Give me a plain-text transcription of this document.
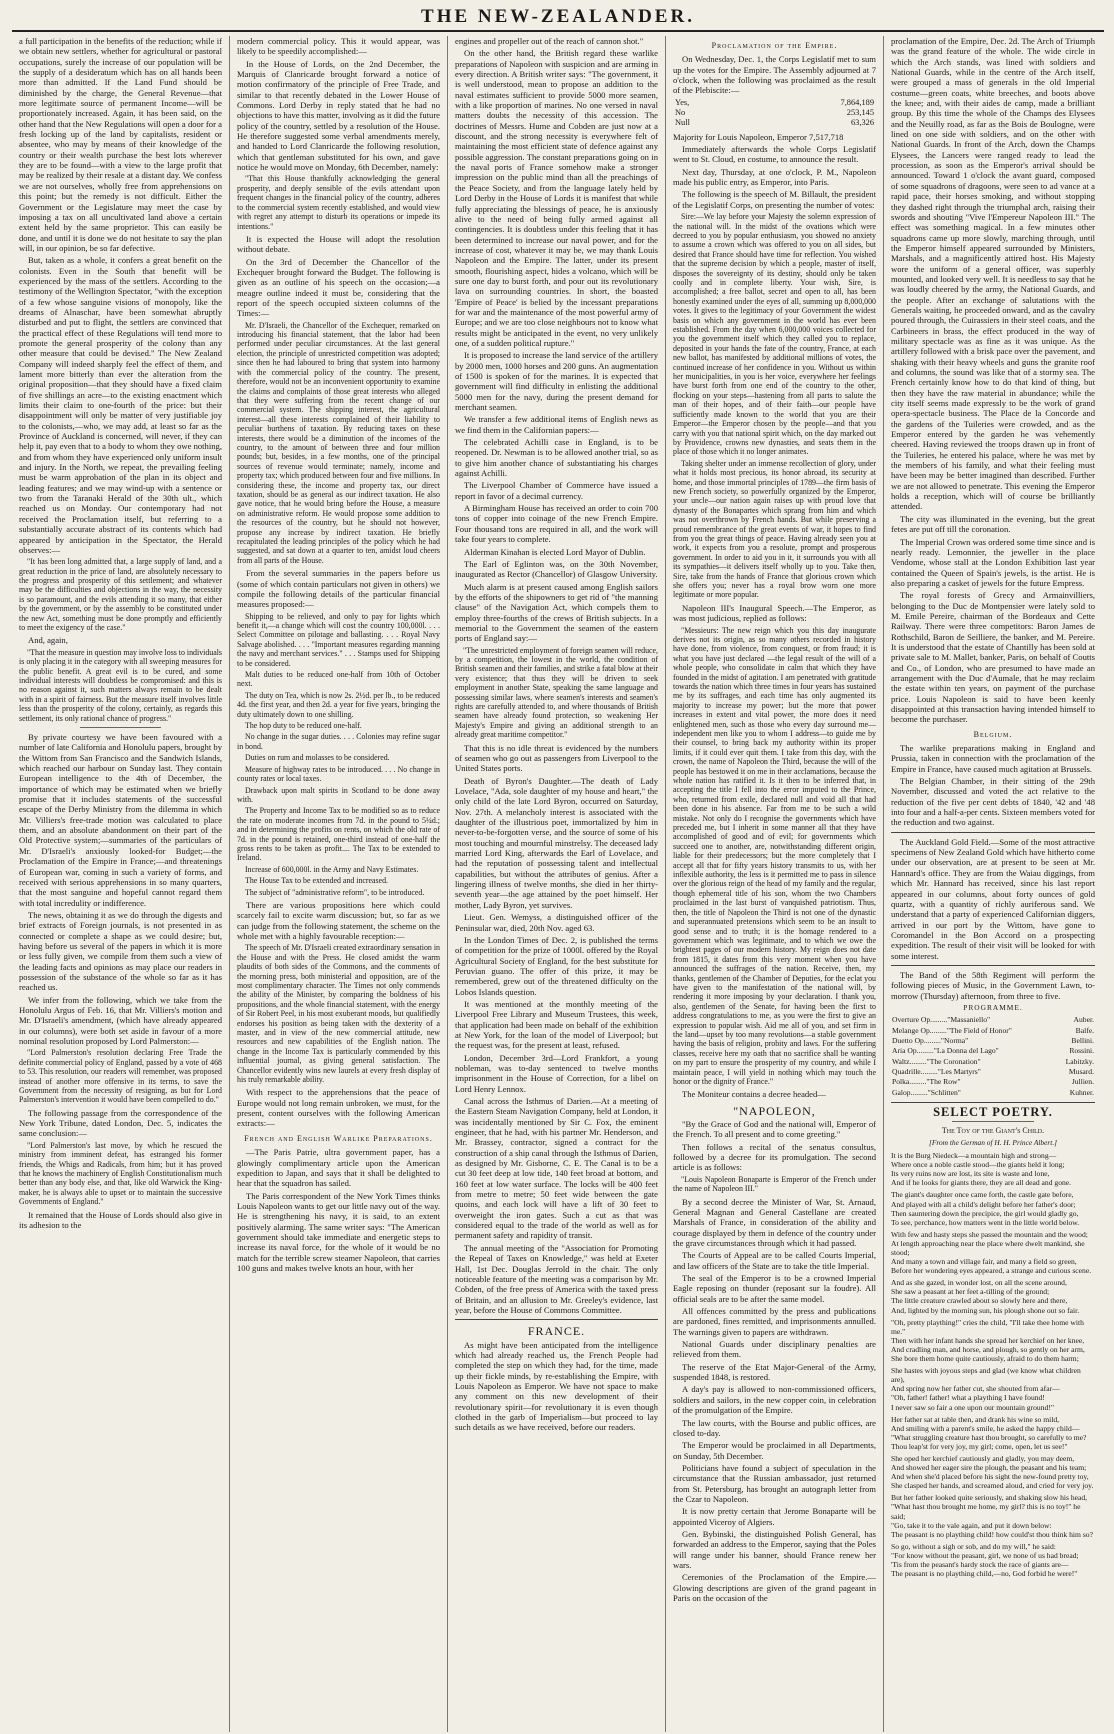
THE NEW-ZEALANDER.

a full participation in the benefits of the reduction; while if we obtain new settlers, whether for agricultural or pastoral occupations, surely the increase of our population will be the supply of a desideratum which has on all hands been more than admitted. If the Land Fund should be diminished by the charge, the General Revenue—that more legitimate source of permanent Income—will be proportionately increased. Again, it has been said, on the other hand that the New Regulations will open a door for a fresh locking up of the land by capitalists, resident or absentee, who may by means of their knowledge of the country or their wealth purchase the best lots wherever they are to be found—with a view to the large profit that may be realized by their resale at a distant day. We confess we are not ourselves, wholly free from apprehensions on this point; but the remedy is not difficult. Either the Government or the Legislature may meet the case by imposing a tax on all uncultivated land above a certain extent held by the same proprietor. This can easily be done, and until it is done we do not hesitate to say the plan will, in our opinion, be so far defective.

But, taken as a whole, it confers a great benefit on the colonists. Even in the South that benefit will be experienced by the mass of the settlers. According to the testimony of the Wellington Spectator, "with the exception of a few whose sanguine visions of monopoly, like the dreams of Alnaschar, have been somewhat abruptly disturbed and put to flight, the settlers are convinced that the practical effect of these Regulations will tend more to promote the general prosperity of the colony than any other measure that could be devised." The New Zealand Company will indeed sharply feel the effect of them, and lament more bitterly than ever the alteration from the original proposition—that they should have a fixed claim of five shillings an acre—to the existing enactment which limits their claim to one-fourth of the price: but their disappointment will only be matter of very justifiable joy to the colonists,—who, we may add, at least so far as the Province of Auckland is concerned, will never, if they can help it, pay even that to a body to whom they owe nothing, and from whom they have experienced only uniform insult and injury. In the North, we repeat, the prevailing feeling must be warm approbation of the plan in its object and leading features; and we may wind-up with a sentence or two from the Taranaki Herald of the 30th ult., which reached us on Monday. Our contemporary had not received the Proclamation itself, but referring to a substantially accurate abstract of its contents which had appeared by anticipation in the Spectator, the Herald observes:—

"It has been long admitted that, a large supply of land, and a great reduction in the price of land, are absolutely necessary to the progress and prosperity of this settlement; and whatever may be the difficulties and objections in the way, the necessity is so paramount, and the evils attending it so many, that either by the government, or by the assembly to be constituted under the new Act, something must be done promptly and efficiently to meet the exigency of the case."

And, again,

"That the measure in question may involve loss to individuals is only placing it in the category with all sweeping measures for the public benefit. A great evil is to be cured, and some individual interests will doubtless be compromised: and this is no reason against it, such matters always remain to be dealt with in a spirit of fairness. But the measure itself involves little less than the prosperity of the colony, certainly, as regards this settlement, its only rational chance of progress."

By private courtesy we have been favoured with a number of late California and Honolulu papers, brought by the Wittom from San Francisco and the Sandwich Islands, which reached our harbour on Sunday last. They contain European intelligence to the 4th of December, the importance of which may be estimated when we briefly promise that it includes statements of the successful escape of the Derby Ministry from the dilemma in which Mr. Villiers's free-trade motion was calculated to place them, and an absolute abandonment on their part of the Old Protective system;—summaries of the particulars of Mr. D'Israeli's anxiously looked-for Budget;—the Proclamation of the Empire in France;—and threatenings of European war, coming in such a variety of forms, and received with serious apprehensions in so many quarters, that the most sanguine and hopeful cannot regard them with total incredulity or indifference.

The news, obtaining it as we do through the digests and brief extracts of Foreign journals, is not presented in as connected or complete a shape as we could desire; but, having before us several of the papers in which it is more or less fully given, we compile from them such a view of the leading facts and opinions as may place our readers in possession of the substance of the whole so far as it has reached us.

We infer from the following, which we take from the Honolulu Argus of Feb. 16, that Mr. Villiers's motion and Mr. D'Israeli's amendment, (which have already appeared in our columns), were both set aside in favour of a more nominal resolution proposed by Lord Palmerston:—

"Lord Palmerston's resolution declaring Free Trade the definite commercial policy of England, passed by a vote of 468 to 53. This resolution, our readers will remember, was proposed instead of another more offensive in its terms, to save the Government from the necessity of resigning, as but for Lord Palmerston's intervention it would have been compelled to do."

The following passage from the correspondence of the New York Tribune, dated London, Dec. 5, indicates the same conclusion:—

"Lord Palmerston's last move, by which he rescued the ministry from imminent defeat, has estranged his former friends, the Whigs and Radicals, from him; but it has proved that he knows the machinery of English Constitutionalism much better than any body else, and that, like old Warwick the King-maker, he is always able to upset or to maintain the successive Governments of England."

It remained that the House of Lords should also give in its adhesion to the

modern commercial policy. This it would appear, was likely to be speedily accomplished:—

In the House of Lords, on the 2nd December, the Marquis of Clanricarde brought forward a notice of motion confirmatory of the principle of Free Trade, and similar to that recently debated in the Lower House of Commons. Lord Derby in reply stated that he had no objections to have this matter, involving as it did the future policy of the country, settled by a resolution of the House. He therefore suggested some verbal amendments merely, and handed to Lord Clanricarde the following resolution, which that gentleman substituted for his own, and gave notice he would move on Monday, 6th December, namely:

"That this House thankfully acknowledging the general prosperity, and deeply sensible of the evils attendant upon frequent changes in the financial policy of the country, adheres to the commercial system recently established, and would view with regret any attempt to disturb its operations or impede its intentions."

It is expected the House will adopt the resolution without debate.

On the 3rd of December the Chancellor of the Exchequer brought forward the Budget. The following is given as an outline of his speech on the occasion;—a meagre outline indeed it must be, considering that the report of the speech occupied sixteen columns of the Times:—

Mr. D'Israeli, the Chancellor of the Exchequer, remarked on introducing his financial statement, that the labor had been performed under peculiar circumstances. At the last general election, the principle of unrestricted competition was adopted; since then he had laboured to bring that system into harmony with the commercial policy of the country. The present, therefore, would not be an inconvenient opportunity to examine the claims and complaints of those great interests who alleged that they were suffering from the recent change of our commercial system. The shipping interest, the agricultural interest—all these interests complained of their liability to peculiar burthens of taxation. By reducing taxes on these interests, there would be a diminution of the incomes of the country, to the amount of between three and four million pounds; but, besides, in a few months, one of the principal sources of revenue would terminate; namely, income and property tax; which produced between four and five millions. In considering these, the income and property tax, our direct taxation, should be as general as our indirect taxation. He also gave notice, that he would bring before the House, a measure on administrative reform. He would propose some addition to the resources of the country, but he should not however, propose any increase by indirect taxation. He briefly recapitulated the leading principles of the policy which he had suggested, and sat down at a quarter to ten, amidst loud cheers from all parts of the House.

From the several summaries in the papers before us (some of which contain particulars not given in others) we compile the following details of the particular financial measures proposed:—

Shipping to be relieved, and only to pay for lights which benefit it,—a change which will cost the country 100,000l. . . . Select Committee on pilotage and ballasting. . . . Royal Navy Salvage abolished. . . . "Important measures regarding manning the navy and merchant services." . . . Stamps used for Shipping to be considered.

Malt duties to be reduced one-half from 10th of October next.

The duty on Tea, which is now 2s. 2½d. per lb., to be reduced 4d. the first year, and then 2d. a year for five years, bringing the duty ultimately down to one shilling.

The hop duty to be reduced one-half.

No change in the sugar duties. . . . Colonies may refine sugar in bond.

Duties on rum and molasses to be considered.

Measure of highway rates to be introduced. . . . No change in county rates or local taxes.

Drawback upon malt spirits in Scotland to be done away with.

The Property and Income Tax to be modified so as to reduce the rate on moderate incomes from 7d. in the pound to 5¼d.; and in determining the profits on rents, on which the old rate of 7d. in the pound is retained, one-third instead of one-half the gross rents to be taken as profit.... The Tax to be extended to Ireland.

Increase of 600,000l. in the Army and Navy Estimates.

The House Tax to be extended and increased.

The subject of "administrative reform", to be introduced.

There are various propositions here which could scarcely fail to excite warm discussion; but, so far as we can judge from the following statement, the scheme on the whole met with a highly favourable reception:—

The speech of Mr. D'Israeli created extraordinary sensation in the House and with the Press. He closed amidst the warm plaudits of both sides of the Commons, and the comments of the morning press, both ministerial and opposition, are of the most complimentary character. The Times not only commends the ability of the Minister, by comparing the boldness of his propositions, and the whole financial statement, with the energy of Sir Robert Peel, in his most exuberant moods, but qualifiedly endorses his position as being taken with the dexterity of a master, and in view of the new commercial attitude, new resources and new capabilities of the English nation. The change in the Income Tax is particularly commended by this influential journal, as giving general satisfaction. The Chancellor evidently wins new laurels at every fresh display of his truly remarkable ability.

With respect to the apprehensions that the peace of Europe would not long remain unbroken, we must, for the present, content ourselves with the following American extracts:—

French and English Warlike Preparations.

—The Paris Patrie, ultra government paper, has a glowingly complimentary article upon the American expedition to Japan, and says that it shall be delighted to hear that the squadron has sailed.

The Paris correspondent of the New York Times thinks Louis Napoleon wants to get our little navy out of the way. He is strengthening his navy, it is said, to an extent positively alarming. The same writer says: "The American government should take immediate and energetic steps to increase its naval force, for the whole of it would be no match for the terrible screw steamer Napoleon, that carries 100 guns and makes twelve knots an hour, with her

engines and propeller out of the reach of cannon shot."

On the other hand, the British regard these warlike preparations of Napoleon with suspicion and are arming in every direction. A British writer says: "The government, it is well understood, mean to propose an addition to the naval estimates sufficient to provide 5000 more seamen, with a like proportion of marines. No one versed in naval matters doubts the necessity of this accession. The doctrines of Messrs. Hume and Cobden are just now at a discount, and the strong necessity is everywhere felt of maintaining the most efficient state of defence against any possible aggression. The constant preparations going on in the naval ports of France somehow make a stronger impression on the public mind than all the preachings of the Peace Society, and from the language lately held by Lord Derby in the House of Lords it is manifest that while fully appreciating the blessings of peace, he is anxiously alive to the need of being fully armed against all contingencies. It is doubtless under this feeling that it has been determined to increase our naval power, and for the increase of cost, whatever it may be, we may thank Louis Napoleon and the Empire. The latter, under its present smooth, flourishing aspect, hides a volcano, which will be sure one day to burst forth, and pour out its revolutionary lava on surrounding countries. In short, the boasted 'Empire of Peace' is belied by the incessant preparations for war and the maintenance of the most powerful army of Europe; and we are too close neighbours not to know what results might be anticipated in the event, no very unlikely one, of a sudden political rupture."

It is proposed to increase the land service of the artillery by 2000 men, 1000 horses and 200 guns. An augmentation of 1500 is spoken of for the marines. It is expected that government will find difficulty in enlisting the additional 5000 men for the navy, during the present demand for merchant seamen.

We transfer a few additional items of English news as we find them in the Californian papers:—

The celebrated Achilli case in England, is to be reopened. Dr. Newman is to be allowed another trial, so as to give him another chance of substantiating his charges against Achilli.

The Liverpool Chamber of Commerce have issued a report in favor of a decimal currency.

A Birmingham House has received an order to coin 700 tons of copper into coinage of the new French Empire. Four thousand tons are required in all, and the work will take four years to complete.

Alderman Kinahan is elected Lord Mayor of Dublin.

The Earl of Eglinton was, on the 30th November, inaugurated as Rector (Chancellor) of Glasgow University.

Much alarm is at present caused among English sailors by the efforts of the shipowners to get rid of "the manning clause" of the Navigation Act, which compels them to employ three-fourths of the crews of British subjects. In a memorial to the Government the seamen of the eastern ports of England say:—

"The unrestricted employment of foreign seamen will reduce, by a competition, the lowest in the world, the condition of British seamen and their families, and strike a fatal blow at their very existence; that thus they will be driven to seek employment in another State, speaking the same language and possessing similar laws, where seamen's interests and seamen's rights are carefully attended to, and where thousands of British seamen have already found protection, so weakening Her Majesty's Empire and giving an additional strength to an already great maritime competitor."

That this is no idle threat is evidenced by the numbers of seamen who go out as passengers from Liverpool to the United States ports.

Death of Byron's Daughter.—The death of Lady Lovelace, "Ada, sole daughter of my house and heart," the only child of the late Lord Byron, occurred on Saturday, Nov. 27th. A melancholy interest is associated with the daughter of the illustrious poet, immortalized by him in never-to-be-forgotten verse, and the source of some of his most touching and mournful minstrelsy. The deceased lady married Lord King, afterwards the Earl of Lovelace, and had the reputation of possessing talent and intellectual capabilities, but without the attributes of genius. After a lingering illness of twelve months, she died in her thirty-seventh year—the age attained by the poet himself. Her mother, Lady Byron, yet survives.

Lieut. Gen. Wemyss, a distinguished officer of the Peninsular war, died, 20th Nov. aged 63.

In the London Times of Dec. 2, is published the terms of competition for the prize of 1000l. offered by the Royal Agricultural Society of England, for the best substitute for Peruvian guano. The offer of this prize, it may be remembered, grew out of the threatened difficulty on the Lobos Islands question.

It was mentioned at the monthly meeting of the Liverpool Free Library and Museum Trustees, this week, that application had been made on behalf of the exhibition at New York, for the loan of the model of Liverpool; but the request was, for the present at least, refused.

London, December 3rd—Lord Frankfort, a young nobleman, was to-day sentenced to twelve months imprisonment in the House of Correction, for a libel on Lord Henry Lennox.

Canal across the Isthmus of Darien.—At a meeting of the Eastern Steam Navigation Company, held at London, it was incidentally mentioned by Sir C. Fox, the eminent engineer, that he had, with his partner Mr. Henderson, and Mr. Brassey, contractor, signed a contract for the construction of a ship canal through the Isthmus of Darien, as designed by Mr. Gisborne, C. E. The Canal is to be a cut 30 feet deep at low tide, 140 feet broad at bottom, and 160 feet at low water surface. The locks will be 400 feet from metre to metre; 50 feet wide between the gate quoins, and each lock will have a lift of 30 feet to overweight the iron gates. Such a cut as that was considered equal to the trade of the world as well as for permanent safety and rapidity of transit.

The annual meeting of the "Association for Promoting the Repeal of Taxes on Knowledge," was held at Exeter Hall, 1st Dec. Douglas Jerrold in the chair. The only noticeable feature of the meeting was a comparison by Mr. Cobden, of the free press of America with the taxed press of Britain, and an allusion to Mr. Greeley's evidence, last year, before the House of Commons Committee.

FRANCE.

As might have been anticipated from the intelligence which had already reached us, the French People had completed the step on which they had, for the time, made up their fickle minds, by re-establishing the Empire, with Louis Napoleon as Emperor. We have not space to make any comment on this new development of their revolutionary spirit—for revolutionary it is even though clothed in the garb of Imperialism—but proceed to lay such details as we have received, before our readers.

Proclamation of the Empire.

On Wednesday, Dec. 1, the Corps Legislatif met to sum up the votes for the Empire. The Assembly adjourned at 7 o'clock, when the following was proclaimed as the result of the Plebiscite:—

Yes,	7,864,189
No	253,145
Null	63,326

Majority for Louis Napoleon, Emperor 7,517,718

Immediately afterwards the whole Corps Legislatif went to St. Cloud, en costume, to announce the result.

Next day, Thursday, at one o'clock, P. M., Napoleon made his public entry, as Emperor, into Paris.

The following is the speech of M. Billault, the president of the Legislatif Corps, on presenting the number of votes:

Sire:—We lay before your Majesty the solemn expression of the national will. In the midst of the ovations which were decreed to you by popular enthusiasm, you showed no anxiety to assume a crown which was offered to you on all sides, but desired that France should have time for reflection. You wished that the supreme decision by which a people, master of itself, disposes the sovereignty of its destiny, should only be taken coolly and in complete liberty. Your wish, Sire, is accomplished; a free ballot, secret and open to all, has been honestly examined under the eyes of all, summing up 8,000,000 votes. It gives to the legitimacy of your Government the widest basis on which any government in the world has ever been established. From the day when 6,000,000 voices collected for you the government itself which they called you to replace, deposited in your hands the fate of the country, France, at each new ballot, has manifested by additional millions of votes, the continued increase of her confidence in you. Without us within her municipalities, in you is her voice, everywhere her feelings have burst forth from one end of the country to the other, flocking on your steps—hastening from all parts to salute the man of their hopes, and of their faith—our people have sufficiently made known to the world that you are their Emperor—the Emperor chosen by the people—and that you carry with you that national spirit which, on the day marked out by Providence, crowns new dynasties, and seats them in the place of those which it no longer animates.

Taking shelter under an immense recollection of glory, under what it holds most precious, its honor abroad, its security at home, and those immortal principles of 1789—the firm basis of new French society, so powerfully organized by the Emperor, your uncle—our nation again raises up with proud love that dynasty of the Bonapartes which sprang from him and which was not overthrown by French hands. But while preserving a proud remembrance of the great events of war, it hopes to find from you the great things of peace. Having already seen you at work, it expects from you a resolute, prompt and prosperous government. In order to aid you in it, it surrounds you with all its sympathies—it delivers itself wholly up to you. Take then, Sire, take from the hands of France that glorious crown which she offers you; never has a royal brow worn one more legitimate or more popular.

Napoleon III's Inaugural Speech.—The Emperor, as was most judicious, replied as follows:

"Messieurs: The new reign which you this day inaugurate derives not its origin, as so many others recorded in history have done, from violence, from conquest, or from fraud; it is what you have just declared —the legal result of the will of a whole people, who consolidate in calm that which they have founded in the midst of agitation. I am penetrated with gratitude towards the nation which three times in four years has sustained me by its suffrages, and each time has only augmented its majority to increase my power; but the more that power increases in extent and vital power, the more does it need enlightened men, such as those who every day surround me—independent men like you to whom I address—to guide me by their counsel, to bring back my authority within its proper limits, if it could ever quit them. I take from this day, with the crown, the name of Napoleon the Third, because the will of the people has bestowed it on me in their acclamations, because the whole nation has ratified it. Is it then to be inferred that, in accepting the title I fell into the error imputed to the Prince, who, returned from exile, declared null and void all that had been done in his absence. Far from me to be such a wild mistake. Not only do I recognise the governments which have preceded me, but I inherit in some manner all that they have accomplished of good and of evil; for governments which succeed one to another, are, notwithstanding different origin, liable for their predecessors; but the more completely that I accept all that for fifty years history transmits to us, with her inflexible authority, the less is it permitted me to pass in silence over the glorious reign of the head of my family and the regular, though ephemeral title of his son, whom the two Chambers proclaimed in the last burst of vanquished patriotism. Thus, then, the title of Napoleon the Third is not one of the dynastic and superannuated pretensions which seem to be an insult to good sense and to truth; it is the homage rendered to a government which was legitimate, and to which we owe the brightest pages of our modern history. My reign does not date from 1815, it dates from this very moment when you have announced the suffrages of the nation. Receive, then, my thanks, gentlemen of the Chamber of Deputies, for the eclat you have given to the manifestation of the national will, by rendering it more imposing by your declaration. I thank you, also, gentlemen of the Senate, for having been the first to address congratulations to me, as you were the first to give an expression to popular wish. Aid me all of you, and set firm in the land—upset by too many revolutions—a stable government having the basis of religion, probity and laws. For the suffering classes, receive here my oath that no sacrifice shall be wanting on my part to ensure the prosperity of my country, and while I maintain peace, I will yield in nothing which may touch the honor or the dignity of France."

The Moniteur contains a decree headed—

"NAPOLEON,

"By the Grace of God and the national will, Emperor of the French. To all present and to come greeting."

Then follows a recital of the senatus consultus, followed by a decree for its promulgation. The second article is as follows:

"Louis Napoleon Bonaparte is Emperor of the French under the name of Napoleon III."

By a second decree the Minister of War, St. Arnaud, General Magnan and General Castellane are created Marshals of France, in consideration of the ability and courage displayed by them in defence of the country under the grave circumstances through which it had passed.

The Courts of Appeal are to be called Courts Imperial, and law officers of the State are to take the title Imperial.

The seal of the Emperor is to be a crowned Imperial Eagle reposing on thunder (reposant sur la foudre). All official seals are to be after the same model.

All offences committed by the press and publications are pardoned, fines remitted, and imprisonments annulled. The warnings given to papers are withdrawn.

National Guards under disciplinary penalties are relieved from them.

The reserve of the Etat Major-General of the Army, suspended 1848, is restored.

A day's pay is allowed to non-commissioned officers, soldiers and sailors, in the new copper coin, in celebration of the promulgation of the Empire.

The law courts, with the Bourse and public offices, are closed to-day.

The Emperor would be proclaimed in all Departments, on Sunday, 5th December.

Politicians have found a subject of speculation in the circumstance that the Russian ambassador, just returned from St. Petersburg, has brought an autograph letter from the Czar to Napoleon.

It is now pretty certain that Jerome Bonaparte will be appointed Viceroy of Algiers.

Gen. Bybinski, the distinguished Polish General, has forwarded an address to the Emperor, saying that the Poles will range under his banner, should France renew her wars.

Ceremonies of the Proclamation of the Empire.—Glowing descriptions are given of the grand pageant in Paris on the occasion of the

proclamation of the Empire, Dec. 2d. The Arch of Triumph was the grand feature of the whole. The wide circle in which the Arch stands, was lined with soldiers and National Guards, while in the centre of the Arch itself, were grouped a mass of generals in the old Imperial costume—green coats, white breeches, and boots above the knee; and, with their aides de camp, made a brilliant group. By this time the whole of the Champs des Elysees and the Neuilly road, as far as the Bois de Boulogne, were lined on one side with soldiers, and on the other with National Guards. In front of the Arch, down the Champs Elysees, the Lancers were ranged ready to lead the procession, as soon as the Emperor's arrival should be announced. Toward 1 o'clock the avant guard, composed of some squadrons of dragoons, were seen to ad vance at a rapid pace, their horses smoking, and without stopping they dashed right through the triumphal arch, raising their swords and shouting "Vive l'Empereur Napoleon III." The effect was something magical. In a few minutes other squadrons came up more slowly, marching through, until the Emperor himself appeared surrounded by Ministers, Marshals, and a magnificently attired host. His Majesty wore the uniform of a general officer, was superbly mounted, and looked very well. It is needless to say that he was loudly cheered by the army, the National Guards, and the people. After an exchange of salutations with the Generals waiting, he proceeded onward, and as the cavalry poured through, the Cuirassiers in their steel coats, and the Carbineers in brass, the effect produced in the way of military spectacle was as fine as it was unique. As the artillery followed with a brisk pace over the pavement, and shaking with their heavy wheels and guns the granite roof and columns, the sound was like that of a stormy sea. The French certainly know how to do that kind of thing, but then they have the raw material in abundance; while the city itself seems made expressly to be the work of grand opera-spectacle business. The Place de la Concorde and the gardens of the Tuileries were crowded, and as the Emperor entered by the garden he was vehemently cheered. Having reviewed the troops drawn up in front of the Tuileries, he entered his palace, where he was met by the members of his family, and what their feeling must have been may be better imagined than described. Further we are not allowed to penetrate. This evening the Emperor holds a reception, which will of course be brilliantly attended.

The city was illuminated in the evening, but the great fetes are put off till the coronation.

The Imperial Crown was ordered some time since and is nearly ready. Lemonnier, the jeweller in the place Vendome, whose stall at the London Exhibition last year contained the Queen of Spain's jewels, is the artist. He is also preparing a casket of jewels for the future Empress.

The royal forests of Grecy and Armainvilliers, belonging to the Duc de Montpensier were lately sold to M. Emile Pereire, chairman of the Bordeaux and Cette Railway. There were three competitors: Baron James de Rothschild, Baron de Seilliere, the banker, and M. Pereire. It is understood that the estate of Chantilly has been sold at private sale to M. Mallet, banker, Paris, on behalf of Coutts and Co., of London, who are presumed to have made an arrangement with the Duc d'Aumale, that he may reclaim the estate within ten years, on payment of the purchase price. Louis Napoleon is said to have been keenly disappointed at this transaction having intended himself to become the purchaser.

Belgium.

The warlike preparations making in England and Prussia, taken in connection with the proclamation of the Empire in France, have caused much agitation at Brussels.

The Belgian Chamber, in their sitting of the 29th November, discussed and voted the act relative to the reduction of the five per cent debts of 1840, '42 and '48 into four and a half-a-per cents. Sixteen members voted for the reduction and two against.

The Auckland Gold Field.—Some of the most attractive specimens of New Zealand Gold which have hitherto come under our observation, are at present to be seen at Mr. Hannard's office. They are from the Waiau diggings, from which Mr. Hannard has received, since his last report appeared in our columns, about forty ounces of gold quartz, with a quantity of richly auriferous sand. We understand that a party of experienced Californian diggers, arrived in our port by the Wittom, have gone to Coromandel in the Bon Accord on a prospecting expedition. The result of their visit will be looked for with some interest.

The Band of the 58th Regiment will perform the following pieces of Music, in the Government Lawn, to-morrow (Thursday) afternoon, from three to five.

PROGRAMME.
Overture Op........."Massaniello"	Auber.
Melange Op........."The Field of Honor"	Balfe.
Duetto Op........."Norma"	Bellini.
Aria Op........."La Donna del Lago"	Rossini.
Waltz........."The Coronation"	Labitzky.
Quadrille........."Les Martyrs"	Musard.
Polka........."The Row"	Jullien.
Galop........."Schlitten"	Kuhner.
SELECT POETRY.
The Toy of the Giant's Child.
[From the German of H. H. Prince Albert.]
It is the Burg Niedeck—a mountain high and strong—
Where once a noble castle stood—the giants held it long;
Its very ruins now are lost, its site is waste and lone,
And if he looks for giants there, they are all dead and gone.
The giant's daughter once came forth, the castle gate before,
And played with all a child's delight before her father's door;
Then sauntering down the precipice, the girl would gladly go,
To see, perchance, how matters went in the little world below.
With few and hasty steps she passed the mountain and the wood;
At length approaching near the place where dwelt mankind, she stood;
And many a town and village fair, and many a field so green,
Before her wondering eyes appeared, a strange and curious scene.
And as she gazed, in wonder lost, on all the scene around,
She saw a peasant at her feet a-tilling of the ground;
The little creature crawled about so slowly here and there,
And, lighted by the morning sun, his plough shone out so fair.
"Oh, pretty plaything!" cries the child, "I'll take thee home with me."
Then with her infant hands she spread her kerchief on her knee,
And cradling man, and horse, and plough, so gently on her arm,
She bore them home quite cautiously, afraid to do them harm;
She hastes with joyous steps and glad (we know what children are),
And spring now her father cut, she shouted from afar—
"Oh, father! father! what a plaything I have found!
I never saw so fair a one upon our mountain ground!"
Her father sat at table then, and drank his wine so mild,
And smiling with a parent's smile, he asked the happy child—
"What struggling creature hast thou brought, so carefully to me?
Thou leap'st for very joy, my girl; come, open, let us see!"
She oped her kerchief cautiously and gladly, you may deem,
And showed her eager sire the plough, the peasant and his team;
And when she'd placed before his sight the new-found pretty toy,
She clasped her hands, and screamed aloud, and cried for very joy.
But her father looked quite seriously, and shaking slow his head,
"What hast thou brought me home, my girl? this is no toy!" he said;
"Go, take it to the vale again, and put it down below:
The peasant is no plaything child! how could'st thou think him so?
So go, without a sigh or sob, and do my will," he said:
"For know without the peasant, girl, we none of us had bread;
'Tis from the peasant's hardy stock the race of giants are—
The peasant is no plaything child,—no, God forbid he were!"
